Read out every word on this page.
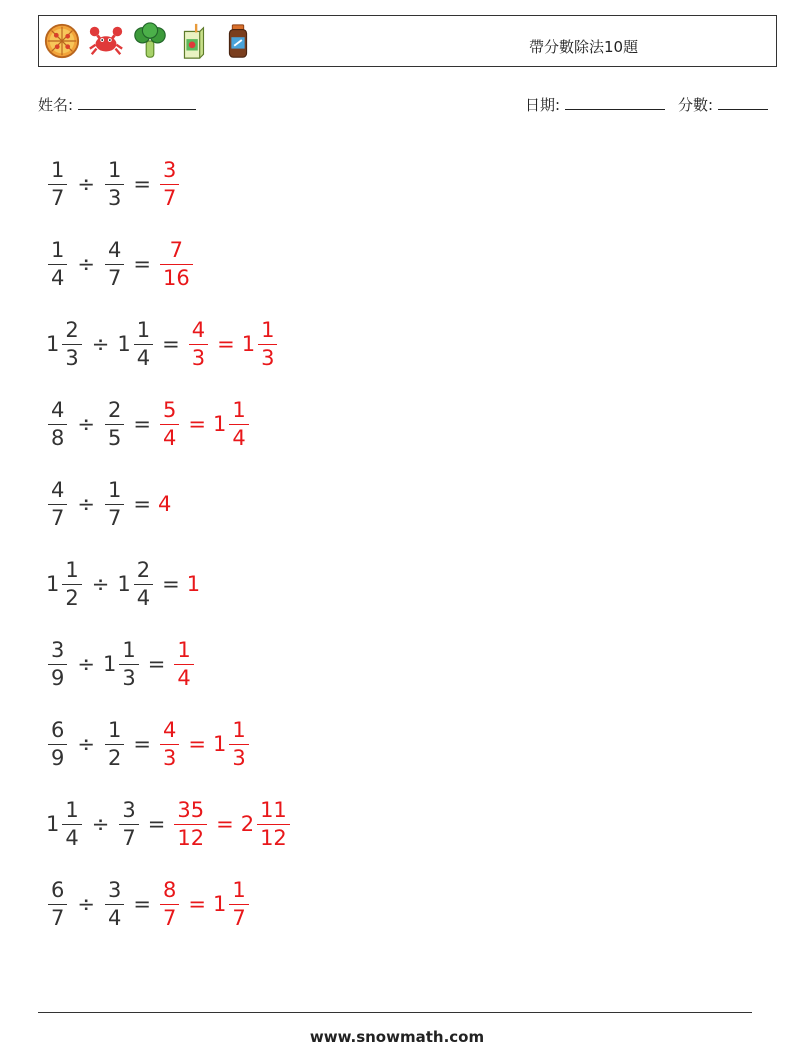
帶分數除法10題
姓名:	日期:	分數:
$\frac{1}{7} \div \frac{1}{3} = \frac{3}{7}$
$\frac{1}{4} \div \frac{4}{7} = \frac{7}{16}$
$1 \frac{2}{3} \div 1 \frac{1}{4} = \frac{4}{3} = 1 \frac{1}{3}$
$\frac{4}{8} \div \frac{2}{5} = \frac{5}{4} = 1 \frac{1}{4}$
$\frac{4}{7} \div \frac{1}{7} = 4$
$1 \frac{1}{2} \div 1 \frac{2}{4} = 1$
$\frac{3}{9} \div 1 \frac{1}{3} = \frac{1}{4}$
$\frac{6}{9} \div \frac{1}{2} = \frac{4}{3} = 1 \frac{1}{3}$
$1 \frac{1}{4} \div \frac{3}{7} = \frac{35}{12} = 2 \frac{11}{12}$
$\frac{6}{7} \div \frac{3}{4} = \frac{8}{7} = 1 \frac{1}{7}$
www.snowmath.com
